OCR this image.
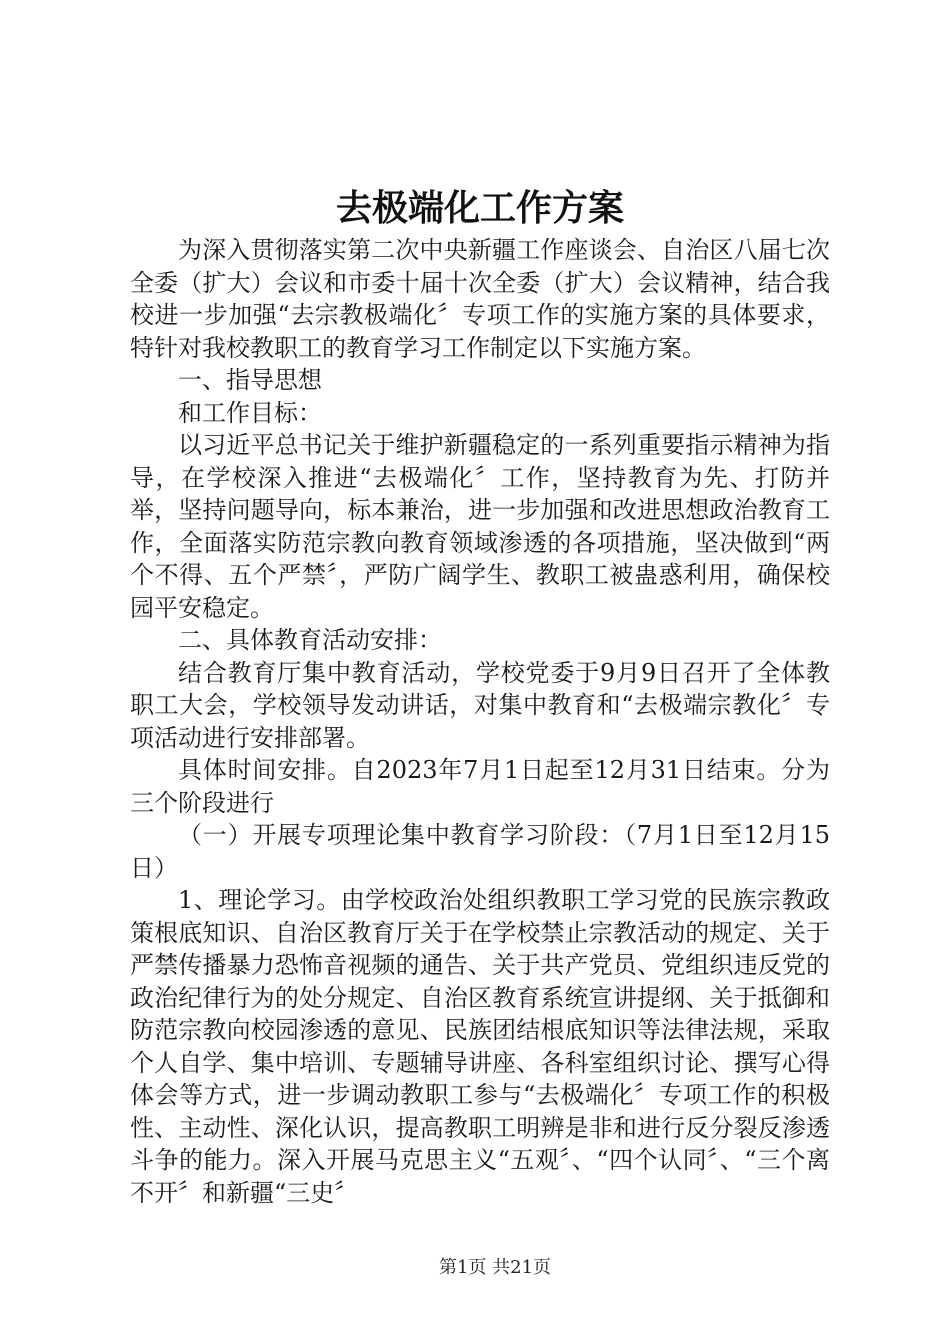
去极端化工作方案

为深入贯彻落实第二次中央新疆工作座谈会、自治区八届七次全委（扩大）会议和市委十届十次全委（扩大）会议精神，结合我校进一步加强“去宗教极端化〞专项工作的实施方案的具体要求，特针对我校教职工的教育学习工作制定以下实施方案。

一、指导思想

和工作目标：

以习近平总书记关于维护新疆稳定的一系列重要指示精神为指导，在学校深入推进“去极端化〞工作，坚持教育为先、打防并举，坚持问题导向，标本兼治，进一步加强和改进思想政治教育工作，全面落实防范宗教向教育领域渗透的各项措施，坚决做到“两个不得、五个严禁〞，严防广阔学生、教职工被蛊惑利用，确保校园平安稳定。

二、具体教育活动安排：

结合教育厅集中教育活动，学校党委于9月9日召开了全体教职工大会，学校领导发动讲话，对集中教育和“去极端宗教化〞专项活动进行安排部署。

具体时间安排。自2023年7月1日起至12月31日结束。分为三个阶段进行

（一）开展专项理论集中教育学习阶段：（7月1日至12月15日）

1、理论学习。由学校政治处组织教职工学习党的民族宗教政策根底知识、自治区教育厅关于在学校禁止宗教活动的规定、关于严禁传播暴力恐怖音视频的通告、关于共产党员、党组织违反党的政治纪律行为的处分规定、自治区教育系统宣讲提纲、关于抵御和防范宗教向校园渗透的意见、民族团结根底知识等法律法规，采取个人自学、集中培训、专题辅导讲座、各科室组织讨论、撰写心得体会等方式，进一步调动教职工参与“去极端化〞专项工作的积极性、主动性、深化认识，提高教职工明辨是非和进行反分裂反渗透斗争的能力。深入开展马克思主义“五观〞、“四个认同〞、“三个离不开〞和新疆“三史〞

第1页 共21页
